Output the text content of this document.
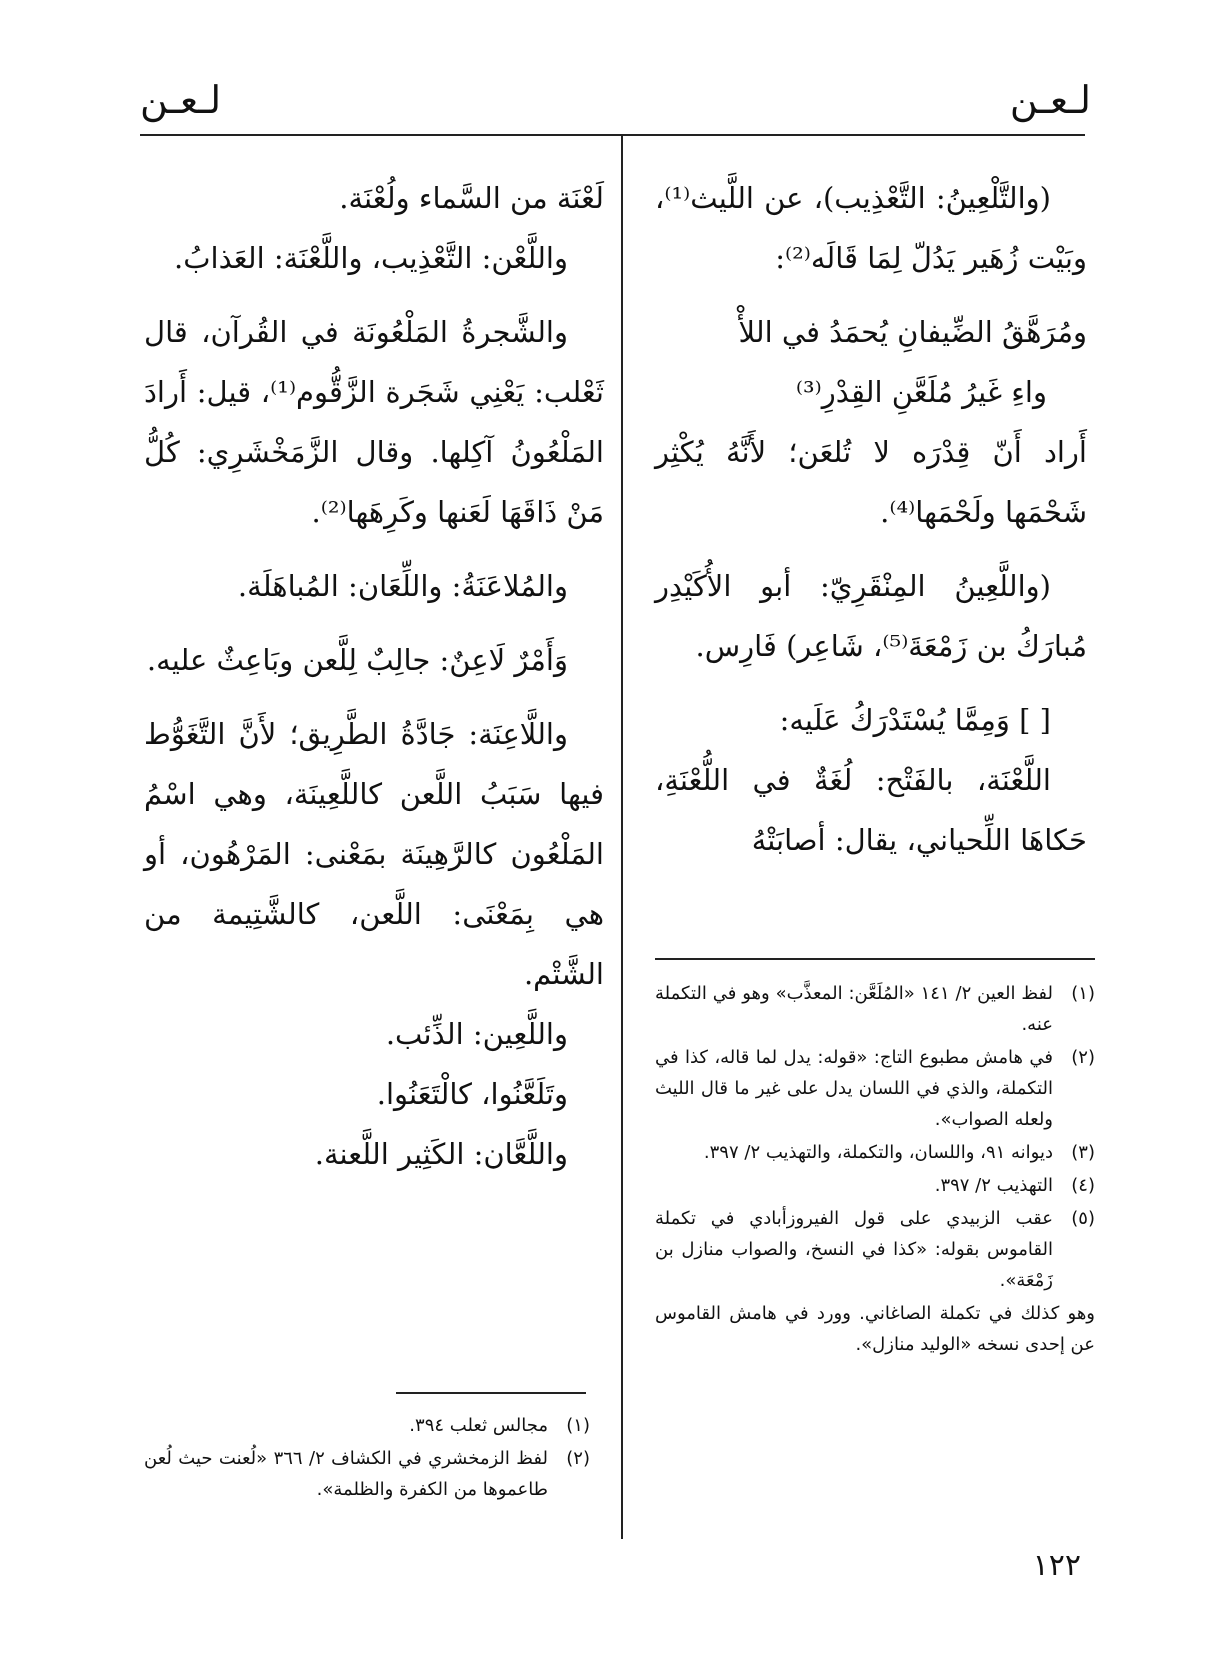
لـعـن
لـعـن

(والتَّلْعِينُ: التَّعْذِيب)، عن اللَّيث⁽¹⁾، وبَيْت زُهَير يَدُلّ لِمَا قَالَه⁽²⁾:

ومُرَهَّقُ الضِّيفانِ يُحمَدُ في اللأْ
واءِ غَيرُ مُلَعَّنِ القِدْرِ⁽³⁾

أَراد أَنّ قِدْرَه لا تُلعَن؛ لأَنَّهُ يُكْثِر شَحْمَها ولَحْمَها⁽⁴⁾.

(واللَّعِينُ المِنْقَرِيّ: أبو الأُكَيْدِر مُبارَكُ بن زَمْعَةَ⁽⁵⁾، شَاعِر) فَارِس.

[ ] وَمِمَّا يُسْتَدْرَكُ عَلَيه:

اللَّعْنَة، بالفَتْح: لُغَةٌ في اللُّعْنَةِ، حَكاهَا اللِّحياني، يقال: أصابَتْهُ

لَعْنَة من السَّماء ولُعْنَة.

واللَّعْن: التَّعْذِيب، واللَّعْنَة: العَذابُ.

والشَّجرةُ المَلْعُونَة في القُرآن، قال ثَعْلب: يَعْنِي شَجَرة الزَّقُّوم⁽¹⁾، قيل: أَرادَ المَلْعُونُ آكِلها. وقال الزَّمَخْشَرِي: كُلُّ مَنْ ذَاقَهَا لَعَنها وكَرِهَها⁽²⁾.

والمُلاعَنَةُ: واللِّعَان: المُباهَلَة.

وَأَمْرٌ لَاعِنٌ: جالِبٌ لِلَّعن وبَاعِثٌ عليه.

واللَّاعِنَة: جَادَّةُ الطَّرِيق؛ لأَنَّ التَّغَوُّط فيها سَبَبُ اللَّعن كاللَّعِينَة، وهي اسْمُ المَلْعُون كالرَّهِينَة بمَعْنى: المَرْهُون، أو هي بِمَعْنَى: اللَّعن، كالشَّتِيمة من الشَّتْم.

واللَّعِين: الذِّئب.

وتَلَعَّنُوا، كالْتَعَنُوا.

واللَّعَّان: الكَثِير اللَّعنة.

(١)
لفظ العين ٢/ ١٤١ «المُلَعَّن: المعذَّب» وهو في التكملة عنه.
(٢)
في هامش مطبوع التاج: «قوله: يدل لما قاله، كذا في التكملة، والذي في اللسان يدل على غير ما قال الليث ولعله الصواب».
(٣)
ديوانه ٩١، واللسان، والتكملة، والتهذيب ٢/ ٣٩٧.
(٤)
التهذيب ٢/ ٣٩٧.
(٥)
عقب الزبيدي على قول الفيروزأبادي في تكملة القاموس بقوله: «كذا في النسخ، والصواب منازل بن زَمْعَة».

وهو كذلك في تكملة الصاغاني. وورد في هامش القاموس عن إحدى نسخه «الوليد منازل».

(١)
مجالس ثعلب ٣٩٤.
(٢)
لفظ الزمخشري في الكشاف ٢/ ٣٦٦ «لُعنت حيث لُعن طاعموها من الكفرة والظلمة».
١٢٢
